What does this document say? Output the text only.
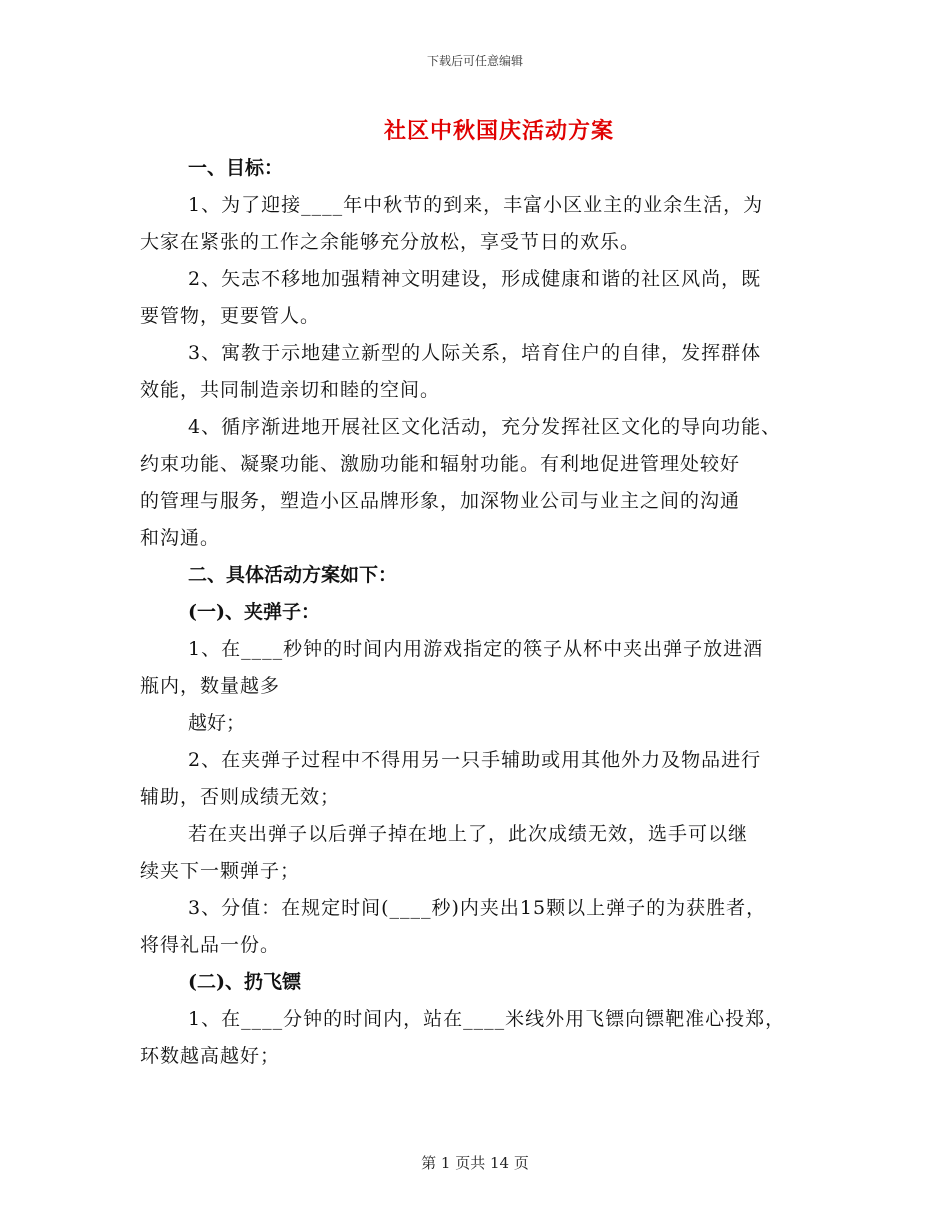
下载后可任意编辑
社区中秋国庆活动方案
一、目标：

1、为了迎接____年中秋节的到来，丰富小区业主的业余生活，为
大家在紧张的工作之余能够充分放松，享受节日的欢乐。

2、矢志不移地加强精神文明建设，形成健康和谐的社区风尚，既
要管物，更要管人。

3、寓教于示地建立新型的人际关系，培育住户的自律，发挥群体
效能，共同制造亲切和睦的空间。

4、循序渐进地开展社区文化活动，充分发挥社区文化的导向功能、
约束功能、凝聚功能、激励功能和辐射功能。有利地促进管理处较好
的管理与服务，塑造小区品牌形象，加深物业公司与业主之间的沟通
和沟通。

二、具体活动方案如下：
(一)、夹弹子：

1、在____秒钟的时间内用游戏指定的筷子从杯中夹出弹子放进酒
瓶内，数量越多

越好；

2、在夹弹子过程中不得用另一只手辅助或用其他外力及物品进行
辅助，否则成绩无效；

若在夹出弹子以后弹子掉在地上了，此次成绩无效，选手可以继
续夹下一颗弹子；

3、分值：在规定时间(____秒)内夹出15颗以上弹子的为获胜者，
将得礼品一份。

(二)、扔飞镖

1、在____分钟的时间内，站在____米线外用飞镖向镖靶准心投郑，
环数越高越好；

第 1 页共 14 页
